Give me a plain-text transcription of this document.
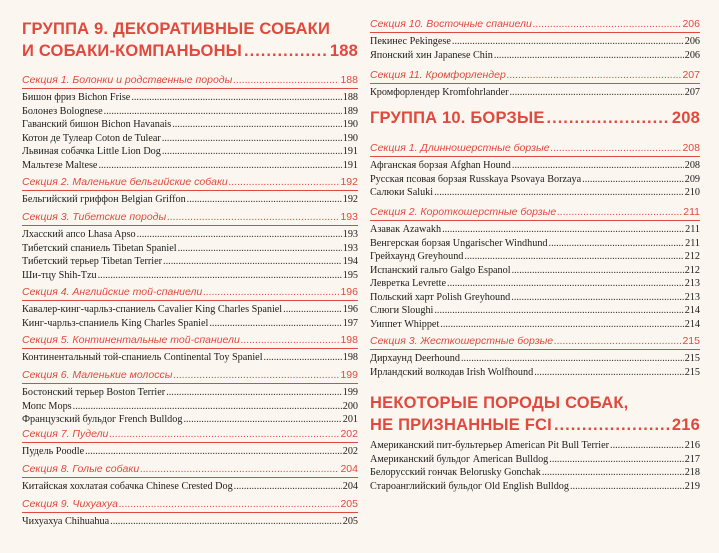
ГРУППА 9. ДЕКОРАТИВНЫЕ СОБАКИ
И СОБАКИ-КОМПАНЬОНЫ .....	188
Секция 1. Болонки и родственные породы .....	188
Бишон фриз Bichon Frise .....	188
Болонез Bolognese .....	189
Гаванский бишон Bichon Havanais .....	190
Котон де Тулеар Coton de Tulear .....	190
Львиная собачка Little Lion Dog .....	191
Мальтезе Maltese .....	191
Секция 2. Маленькие бельгийские собаки .....	192
Бельгийский гриффон Belgian Griffon .....	192
Секция 3. Тибетские породы .....	193
Лхасский апсо Lhasa Apso .....	193
Тибетский спаниель Tibetan Spaniel .....	193
Тибетский терьер Tibetan Terrier .....	194
Ши-тцу Shih-Tzu .....	195
Секция 4. Английские той-спаниели .....	196
Кавалер-кинг-чарльз-спаниель Cavalier King Charles Spaniel .....	196
Кинг-чарльз-спаниель King Charles Spaniel .....	197
Секция 5. Континентальные той-спаниели .....	198
Континентальный той-спаниель Continental Toy Spaniel .....	198
Секция 6. Маленькие молоссы .....	199
Бостонский терьер Boston Terrier .....	199
Мопс Mops .....	200
Французский бульдог French Bulldog .....	201
Секция 7. Пудели .....	202
Пудель Poodle .....	202
Секция 8. Голые собаки .....	204
Китайская хохлатая собачка Chinese Crested Dog .....	204
Секция 9. Чихуахуа .....	205
Чихуахуа Chihuahua .....	205
ГРУППА 10. БОРЗЫЕ .....	208
НЕКОТОРЫЕ ПОРОДЫ СОБАК,
НЕ ПРИЗНАННЫЕ FCI .....	216
Секция 10. Восточные спаниели .....	206
Пекинес Pekingese .....	206
Японский хин Japanese Chin .....	206
Секция 11. Кромфорлендер .....	207
Кромфорлендер Kromfohrlander .....	207
Секция 1. Длинношерстные борзые .....	208
Афганская борзая Afghan Hound .....	208
Русская псовая борзая Russkaya Psovaya Borzaya .....	209
Салюки Saluki .....	210
Секция 2. Короткошерстные борзые .....	211
Азавак Azawakh .....	211
Венгерская борзая Ungarischer Windhund .....	211
Грейхаунд Greyhound .....	212
Испанский гальго Galgo Espanol .....	212
Левретка Levrette .....	213
Польский харт Polish Greyhound .....	213
Слюги Sloughi .....	214
Уиппет Whippet .....	214
Секция 3. Жесткошерстные борзые .....	215
Дирхаунд Deerhound .....	215
Ирландский волкодав Irish Wolfhound .....	215
Американский пит-бультерьер American Pit Bull Terrier .....	216
Американский бульдог American Bulldog .....	217
Белорусский гончак Belorusky Gonchak .....	218
Староанглийский бульдог Old English Bulldog .....	219
